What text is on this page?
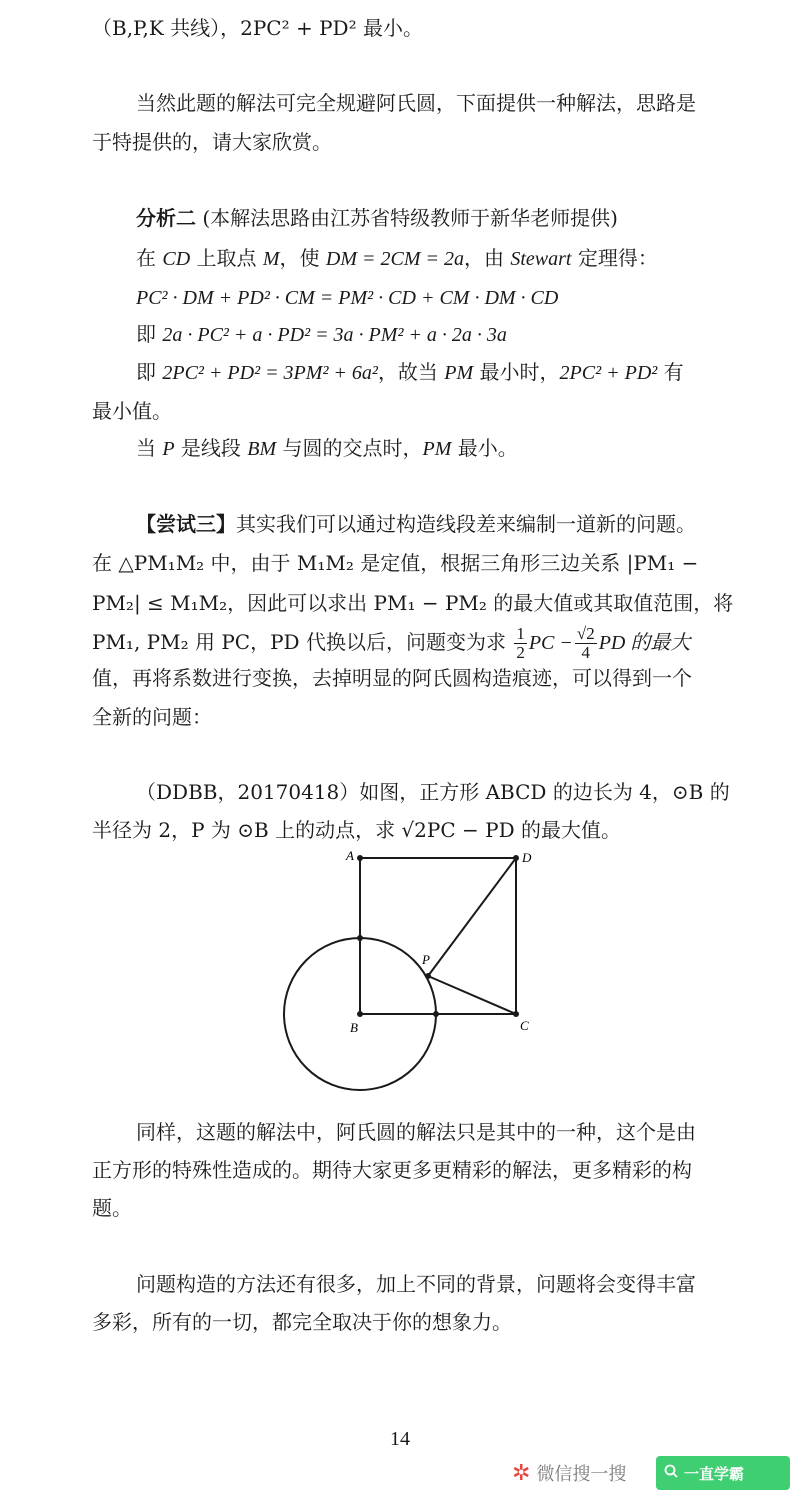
（B,P,K 共线），2PC² + PD² 最小。
当然此题的解法可完全规避阿氏圆，下面提供一种解法，思路是
于特提供的，请大家欣赏。
分析二 (本解法思路由江苏省特级教师于新华老师提供)
在 CD 上取点 M，使 DM = 2CM = 2a，由 Stewart 定理得：
PC² · DM + PD² · CM = PM² · CD + CM · DM · CD
即 2a · PC² + a · PD² = 3a · PM² + a · 2a · 3a
即 2PC² + PD² = 3PM² + 6a²，故当 PM 最小时，2PC² + PD² 有
最小值。
当 P 是线段 BM 与圆的交点时，PM 最小。
【尝试三】其实我们可以通过构造线段差来编制一道新的问题。
在 △PM₁M₂ 中，由于 M₁M₂ 是定值，根据三角形三边关系 |PM₁ −
PM₂| ≤ M₁M₂，因此可以求出 PM₁ − PM₂ 的最大值或其取值范围，将
PM₁, PM₂ 用 PC，PD 代换以后，问题变为求 $\frac{1}{2}$ PC − $\frac{√2}{4}$ PD 的最大
值，再将系数进行变换，去掉明显的阿氏圆构造痕迹，可以得到一个
全新的问题：
（DDBB，20170418）如图，正方形 ABCD 的边长为 4，⊙B 的
半径为 2，P 为 ⊙B 上的动点，求 √2PC − PD 的最大值。
A	D
B	C
P
同样，这题的解法中，阿氏圆的解法只是其中的一种，这个是由
正方形的特殊性造成的。期待大家更多更精彩的解法，更多精彩的构
题。
问题构造的方法还有很多，加上不同的背景，问题将会变得丰富
多彩，所有的一切，都完全取决于你的想象力。
14
✲ 微信搜一搜	一直学霸
